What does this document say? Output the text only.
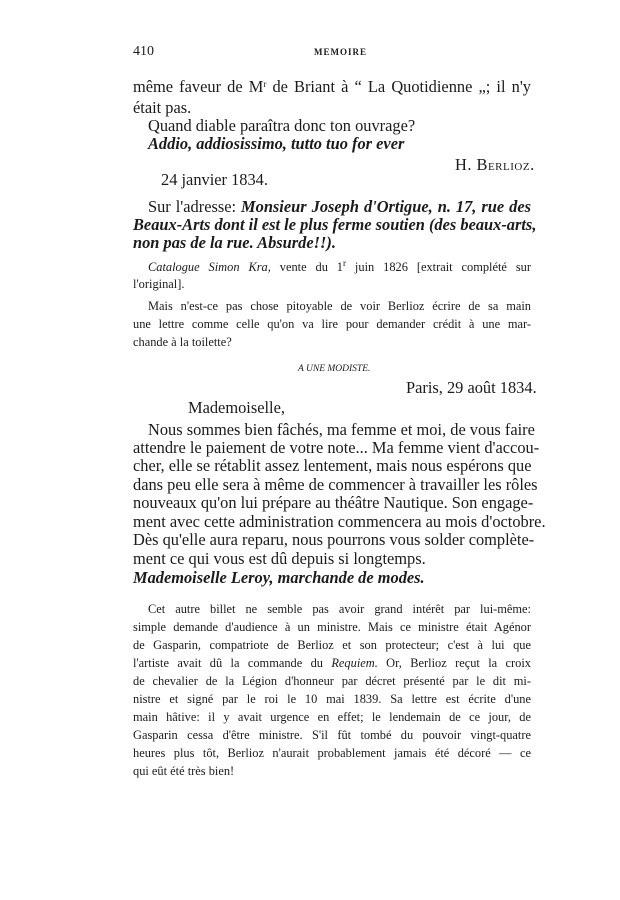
410	MEMOIRE
même faveur de $M^r$ de Briant à “ La Quotidienne „; il n'y
était pas.
Quand diable paraîtra donc ton ouvrage?
Addio, addiosissimo, tutto tuo for ever
H. Berlioz.
24 janvier 1834.
Sur l'adresse: Monsieur Joseph d'Ortigue, n. 17, rue des
Beaux-Arts dont il est le plus ferme soutien (des beaux-arts,
non pas de la rue. Absurde!!).
Catalogue Simon Kra, vente du 1$^r$ juin 1826 [extrait complété sur
l'original].
Mais n'est-ce pas chose pitoyable de voir Berlioz écrire de sa main
une lettre comme celle qu'on va lire pour demander crédit à une mar-
chande à la toilette?
A UNE MODISTE.
Paris, 29 août 1834.
Mademoiselle,
Nous sommes bien fâchés, ma femme et moi, de vous faire
attendre le paiement de votre note... Ma femme vient d'accou-
cher, elle se rétablit assez lentement, mais nous espérons que
dans peu elle sera à même de commencer à travailler les rôles
nouveaux qu'on lui prépare au théâtre Nautique. Son engage-
ment avec cette administration commencera au mois d'octobre.
Dès qu'elle aura reparu, nous pourrons vous solder complète-
ment ce qui vous est dû depuis si longtemps.
Mademoiselle Leroy, marchande de modes.
Cet autre billet ne semble pas avoir grand intérêt par lui-même:
simple demande d'audience à un ministre. Mais ce ministre était Agénor
de Gasparin, compatriote de Berlioz et son protecteur; c'est à lui que
l'artiste avait dû la commande du Requiem. Or, Berlioz reçut la croix
de chevalier de la Légion d'honneur par décret présenté par le dit mi-
nistre et signé par le roi le 10 mai 1839. Sa lettre est écrite d'une
main hâtive: il y avait urgence en effet; le lendemain de ce jour, de
Gasparin cessa d'être ministre. S'il fût tombé du pouvoir vingt-quatre
heures plus tôt, Berlioz n'aurait probablement jamais été décoré — ce
qui eût été très bien!
